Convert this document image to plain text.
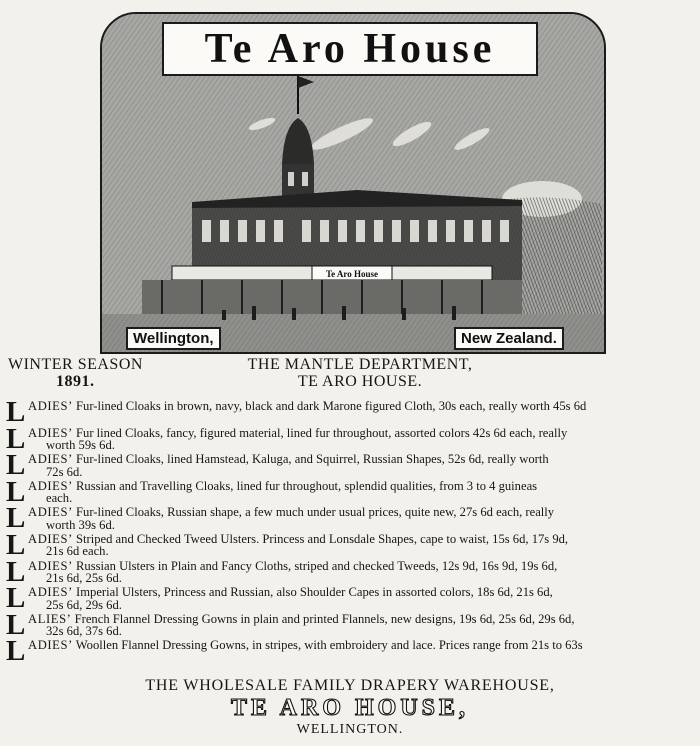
Te Aro House
Te Aro House
Wellington,	New Zealand.
WINTER SEASON
1891.
THE MANTLE DEPARTMENT,
TE ARO HOUSE.
L ADIES’ Fur-lined Cloaks in brown, navy, black and dark Marone figured Cloth, 30s each, really worth 45s 6d
L ADIES’ Fur lined Cloaks, fancy, figured material, lined fur throughout, assorted colors 42s 6d each, really
worth 59s 6d.
L ADIES’ Fur-lined Cloaks, lined Hamstead, Kaluga, and Squirrel, Russian Shapes, 52s 6d, really worth
72s 6d.
L ADIES’ Russian and Travelling Cloaks, lined fur throughout, splendid qualities, from 3 to 4 guineas
each.
L ADIES’ Fur-lined Cloaks, Russian shape, a few much under usual prices, quite new, 27s 6d each, really
worth 39s 6d.
L ADIES’ Striped and Checked Tweed Ulsters. Princess and Lonsdale Shapes, cape to waist, 15s 6d, 17s 9d,
21s 6d each.
L ADIES’ Russian Ulsters in Plain and Fancy Cloths, striped and checked Tweeds, 12s 9d, 16s 9d, 19s 6d,
21s 6d, 25s 6d.
L ADIES’ Imperial Ulsters, Princess and Russian, also Shoulder Capes in assorted colors, 18s 6d, 21s 6d,
25s 6d, 29s 6d.
L ALIES’ French Flannel Dressing Gowns in plain and printed Flannels, new designs, 19s 6d, 25s 6d, 29s 6d,
32s 6d, 37s 6d.
L ADIES’ Woollen Flannel Dressing Gowns, in stripes, with embroidery and lace. Prices range from 21s to 63s
THE WHOLESALE FAMILY DRAPERY WAREHOUSE,
TE ARO HOUSE,
WELLINGTON.
